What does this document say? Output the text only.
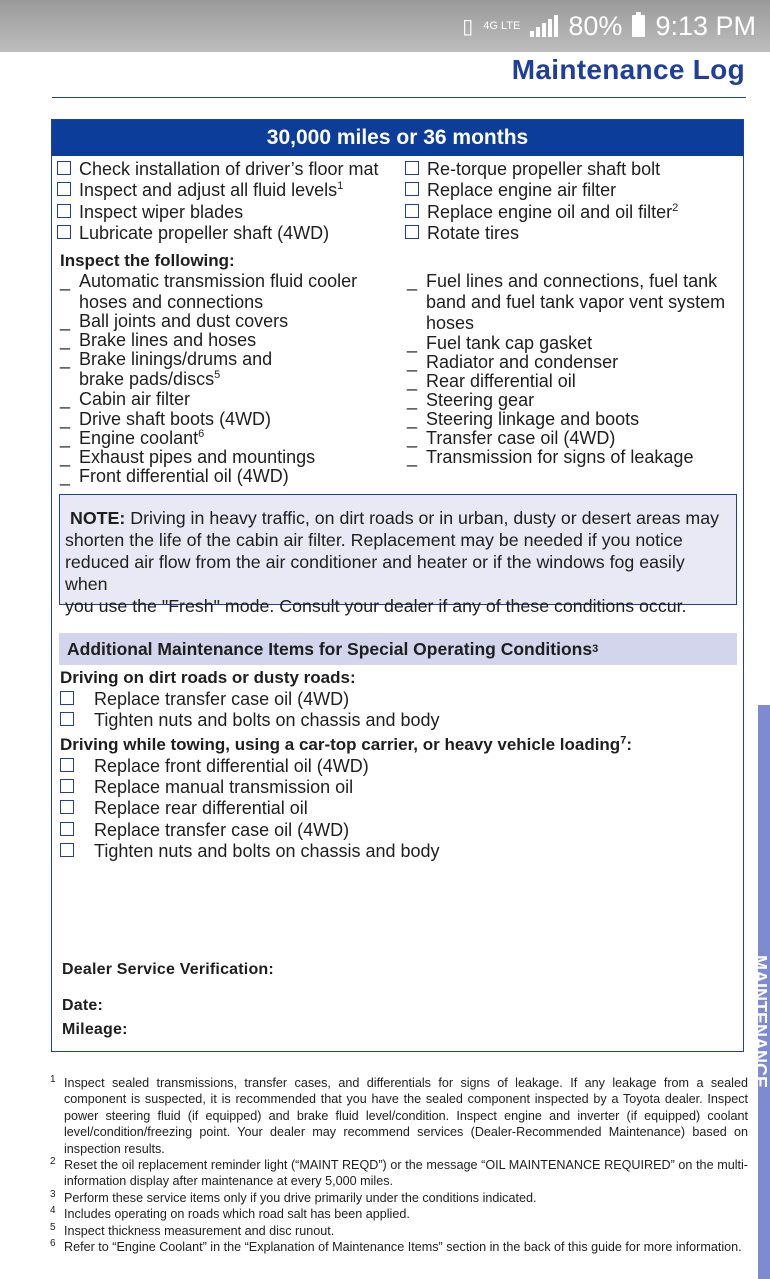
▯ 4G LTE 80% 9:13 PM
Maintenance Log
30,000 miles or 36 months
Check installation of driver’s floor mat
Inspect and adjust all fluid levels$^1$
Inspect wiper blades
Lubricate propeller shaft (4WD)
Re-torque propeller shaft bolt
Replace engine air filter
Replace engine oil and oil filter$^2$
Rotate tires
Inspect the following:
_ Automatic transmission fluid cooler
hoses and connections
_ Ball joints and dust covers
_ Brake lines and hoses
_ Brake linings/drums and
brake pads/discs$^5$
_ Cabin air filter
_ Drive shaft boots (4WD)
_ Engine coolant$^6$
_ Exhaust pipes and mountings
_ Front differential oil (4WD)
_ Fuel lines and connections, fuel tank
band and fuel tank vapor vent system
hoses
_ Fuel tank cap gasket
_ Radiator and condenser
_ Rear differential oil
_ Steering gear
_ Steering linkage and boots
_ Transfer case oil (4WD)
_ Transmission for signs of leakage
NOTE: Driving in heavy traffic, on dirt roads or in urban, dusty or desert areas may
shorten the life of the cabin air filter. Replacement may be needed if you notice
reduced air flow from the air conditioner and heater or if the windows fog easily when
you use the "Fresh" mode. Consult your dealer if any of these conditions occur.
Additional Maintenance Items for Special Operating Conditions 3
Driving on dirt roads or dusty roads:
Replace transfer case oil (4WD)
Tighten nuts and bolts on chassis and body
Driving while towing, using a car-top carrier, or heavy vehicle loading$^7$:
Replace front differential oil (4WD)
Replace manual transmission oil
Replace rear differential oil
Replace transfer case oil (4WD)
Tighten nuts and bolts on chassis and body
Dealer Service Verification:
Date:
Mileage:
1 Inspect sealed transmissions, transfer cases, and differentials for signs of leakage. If any leakage from a sealed component is suspected, it is recommended that you have the sealed component inspected by a Toyota dealer. Inspect power steering fluid (if equipped) and brake fluid level/condition. Inspect engine and inverter (if equipped) coolant level/condition/freezing point. Your dealer may recommend services (Dealer-Recommended Maintenance) based on inspection results.
2 Reset the oil replacement reminder light (“MAINT REQD”) or the message “OIL MAINTENANCE REQUIRED” on the multi-information display after maintenance at every 5,000 miles.
3 Perform these service items only if you drive primarily under the conditions indicated.
4 Includes operating on roads which road salt has been applied.
5 Inspect thickness measurement and disc runout.
6 Refer to “Engine Coolant” in the “Explanation of Maintenance Items” section in the back of this guide for more information.
MAINTENANCE
